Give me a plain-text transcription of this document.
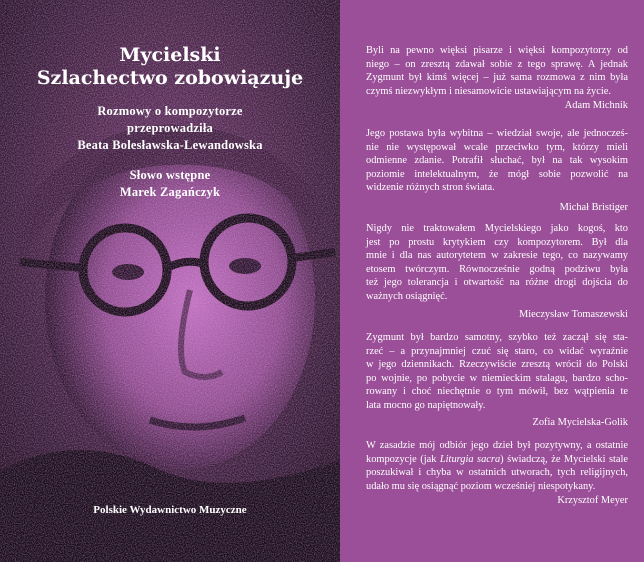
Mycielski
Szlachectwo zobowiązuje
Rozmowy o kompozytorze
przeprowadziła
Beata Bolesławska-Lewandowska
Słowo wstępne
Marek Zagańczyk
Polskie Wydawnictwo Muzyczne
Byli na pewno więksi pisarze i więksi kompozytorzy od
niego – on zresztą zdawał sobie z tego sprawę. A jednak
Zygmunt był kimś więcej – już sama rozmowa z nim była
czymś niezwykłym i niesamowicie ustawiającym na życie.

Adam Michnik

Jego postawa była wybitna – wiedział swoje, ale jednocześ-
nie nie występował wcale przeciwko tym, którzy mieli
odmienne zdanie. Potrafił słuchać, był na tak wysokim
poziomie intelektualnym, że mógł sobie pozwolić na
widzenie różnych stron świata.

Michał Bristiger

Nigdy nie traktowałem Mycielskiego jako kogoś, kto
jest po prostu krytykiem czy kompozytorem. Był dla
mnie i dla nas autorytetem w zakresie tego, co nazywamy
etosem twórczym. Równocześnie godną podziwu była
też jego tolerancja i otwartość na różne drogi dojścia do
ważnych osiągnięć.

Mieczysław Tomaszewski

Zygmunt był bardzo samotny, szybko też zaczął się sta-
rzeć – a przynajmniej czuć się staro, co widać wyraźnie
w jego dziennikach. Rzeczywiście zresztą wrócił do Polski
po wojnie, po pobycie w niemieckim stalagu, bardzo scho-
rowany i choć niechętnie o tym mówił, bez wątpienia te
lata mocno go napiętnowały.

Zofia Mycielska-Golik

W zasadzie mój odbiór jego dzieł był pozytywny, a ostatnie
kompozycje (jak Liturgia sacra) świadczą, że Mycielski stale
poszukiwał i chyba w ostatnich utworach, tych religijnych,
udało mu się osiągnąć poziom wcześniej niespotykany.

Krzysztof Meyer
